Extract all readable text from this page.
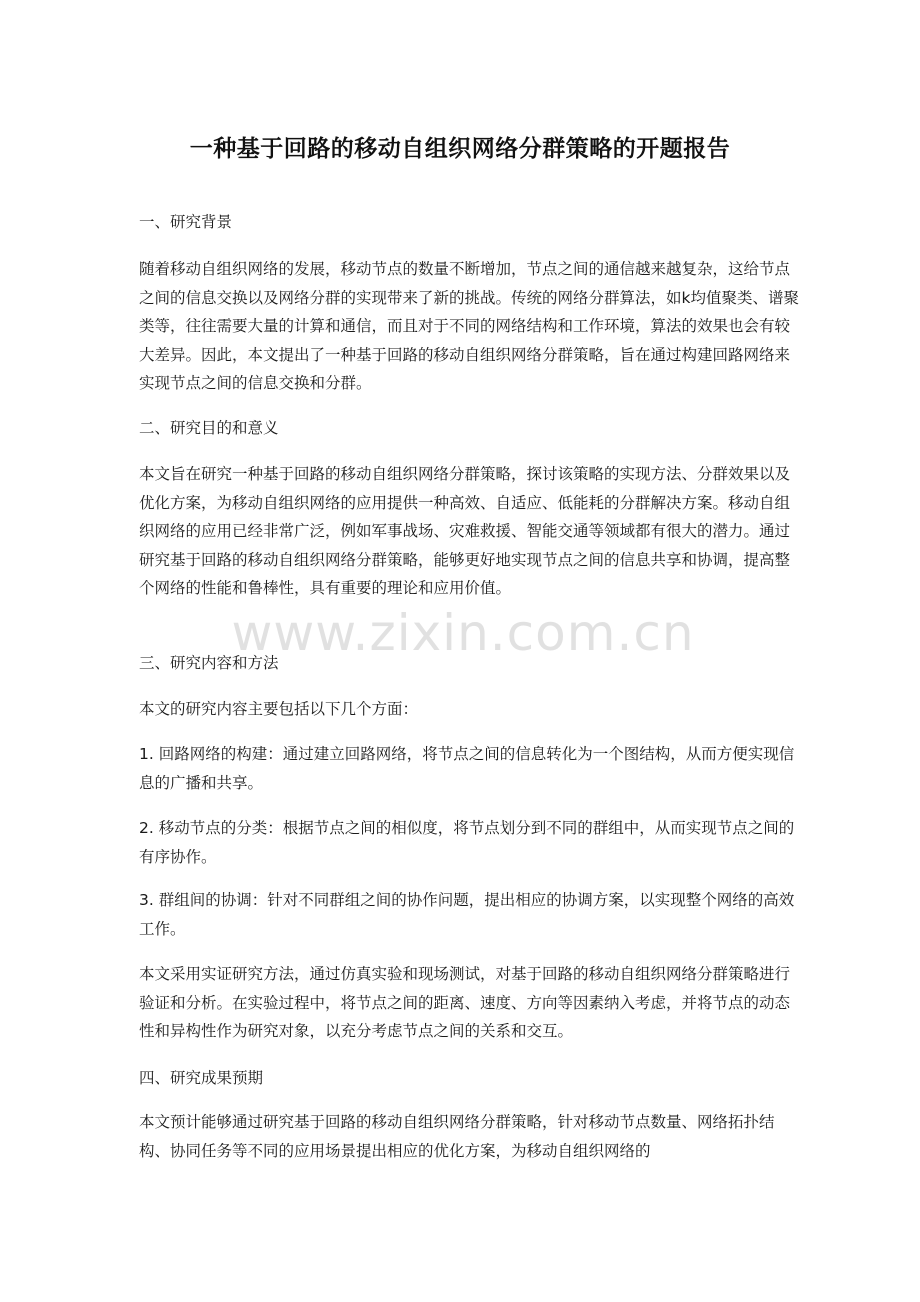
一种基于回路的移动自组织网络分群策略的开题报告
一、研究背景
随着移动自组织网络的发展，移动节点的数量不断增加，节点之间的通信越来越复杂，这给节点之间的信息交换以及网络分群的实现带来了新的挑战。传统的网络分群算法，如k均值聚类、谱聚类等，往往需要大量的计算和通信，而且对于不同的网络结构和工作环境，算法的效果也会有较大差异。因此，本文提出了一种基于回路的移动自组织网络分群策略，旨在通过构建回路网络来实现节点之间的信息交换和分群。
二、研究目的和意义
本文旨在研究一种基于回路的移动自组织网络分群策略，探讨该策略的实现方法、分群效果以及优化方案，为移动自组织网络的应用提供一种高效、自适应、低能耗的分群解决方案。移动自组织网络的应用已经非常广泛，例如军事战场、灾难救援、智能交通等领域都有很大的潜力。通过研究基于回路的移动自组织网络分群策略，能够更好地实现节点之间的信息共享和协调，提高整个网络的性能和鲁棒性，具有重要的理论和应用价值。
三、研究内容和方法
本文的研究内容主要包括以下几个方面：
1. 回路网络的构建：通过建立回路网络，将节点之间的信息转化为一个图结构，从而方便实现信息的广播和共享。
2. 移动节点的分类：根据节点之间的相似度，将节点划分到不同的群组中，从而实现节点之间的有序协作。
3. 群组间的协调：针对不同群组之间的协作问题，提出相应的协调方案，以实现整个网络的高效工作。
本文采用实证研究方法，通过仿真实验和现场测试，对基于回路的移动自组织网络分群策略进行验证和分析。在实验过程中，将节点之间的距离、速度、方向等因素纳入考虑，并将节点的动态性和异构性作为研究对象，以充分考虑节点之间的关系和交互。
四、研究成果预期
本文预计能够通过研究基于回路的移动自组织网络分群策略，针对移动节点数量、网络拓扑结构、协同任务等不同的应用场景提出相应的优化方案，为移动自组织网络的
www.zixin.com.cn
